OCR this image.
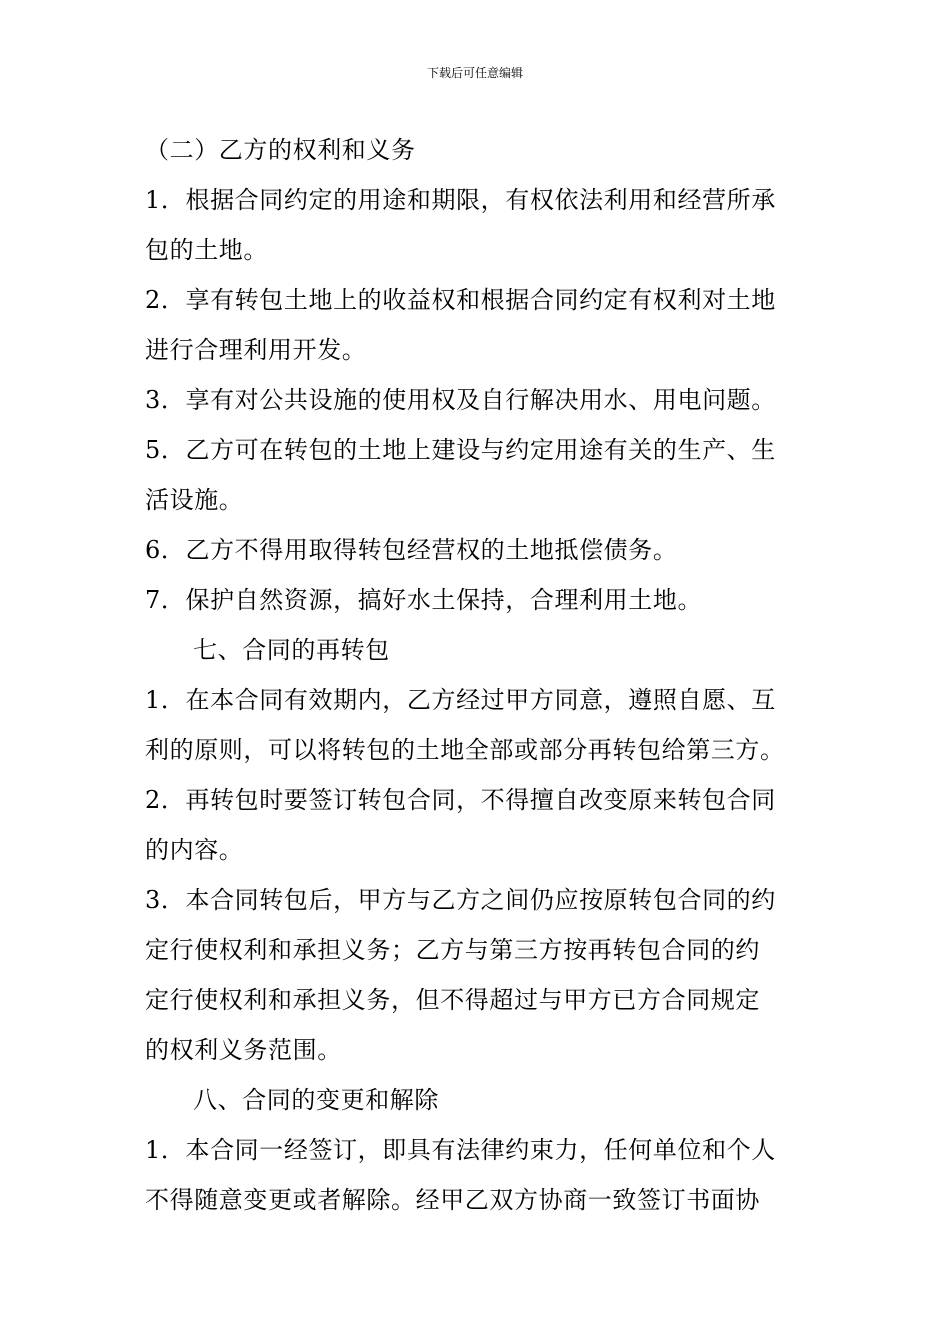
下载后可任意编辑
（二）乙方的权利和义务
1．根据合同约定的用途和期限，有权依法利用和经营所承
包的土地。
2．享有转包土地上的收益权和根据合同约定有权利对土地
进行合理利用开发。
3．享有对公共设施的使用权及自行解决用水、用电问题。
5．乙方可在转包的土地上建设与约定用途有关的生产、生
活设施。
6．乙方不得用取得转包经营权的土地抵偿债务。
7．保护自然资源，搞好水土保持，合理利用土地。
七、合同的再转包
1．在本合同有效期内，乙方经过甲方同意，遵照自愿、互
利的原则，可以将转包的土地全部或部分再转包给第三方。
2．再转包时要签订转包合同，不得擅自改变原来转包合同
的内容。
3．本合同转包后，甲方与乙方之间仍应按原转包合同的约
定行使权利和承担义务；乙方与第三方按再转包合同的约
定行使权利和承担义务，但不得超过与甲方已方合同规定
的权利义务范围。
八、合同的变更和解除
1．本合同一经签订，即具有法律约束力，任何单位和个人
不得随意变更或者解除。经甲乙双方协商一致签订书面协
